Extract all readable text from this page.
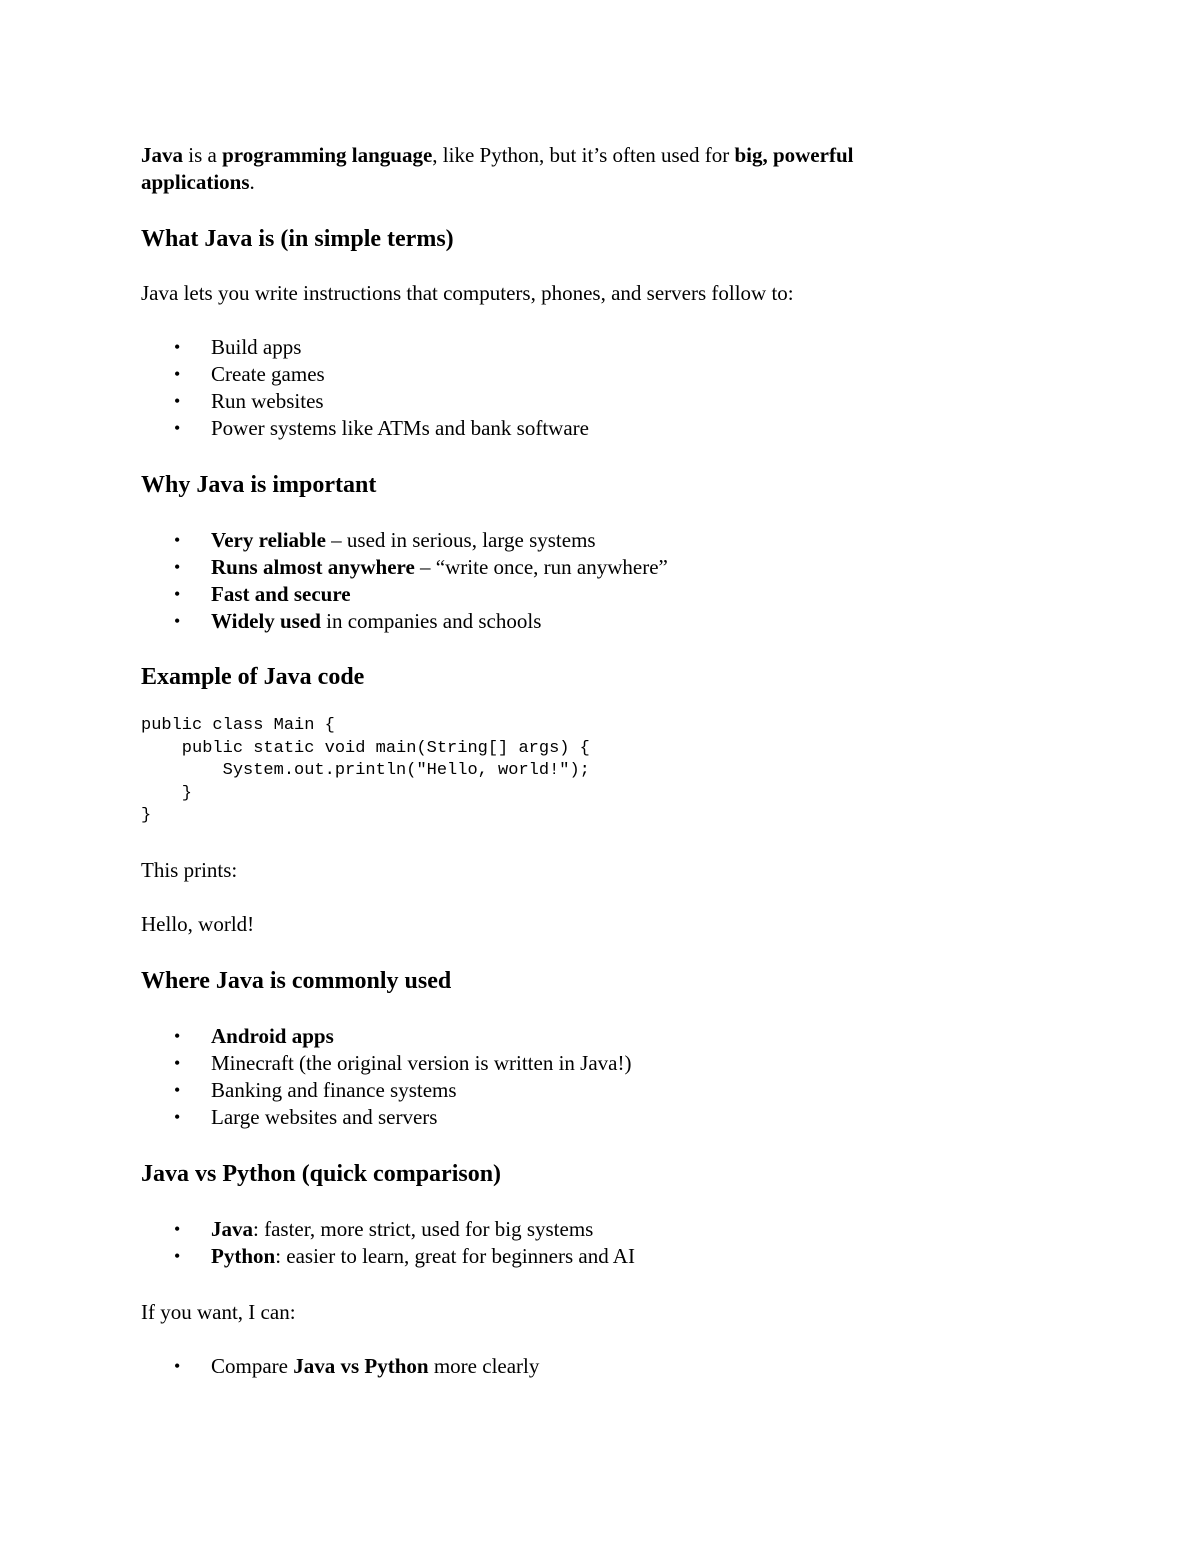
Java is a programming language, like Python, but it’s often used for big, powerful applications.

What Java is (in simple terms)

Java lets you write instructions that computers, phones, and servers follow to:

• Build apps
• Create games
• Run websites
• Power systems like ATMs and bank software
Why Java is important
• Very reliable – used in serious, large systems
• Runs almost anywhere – “write once, run anywhere”
• Fast and secure
• Widely used in companies and schools
Example of Java code
public class Main {
public static void main(String[] args) {
System.out.println("Hello, world!");
}
}

This prints:

Hello, world!

Where Java is commonly used
• Android apps
• Minecraft (the original version is written in Java!)
• Banking and finance systems
• Large websites and servers
Java vs Python (quick comparison)
• Java: faster, more strict, used for big systems
• Python: easier to learn, great for beginners and AI

If you want, I can:

• Compare Java vs Python more clearly
